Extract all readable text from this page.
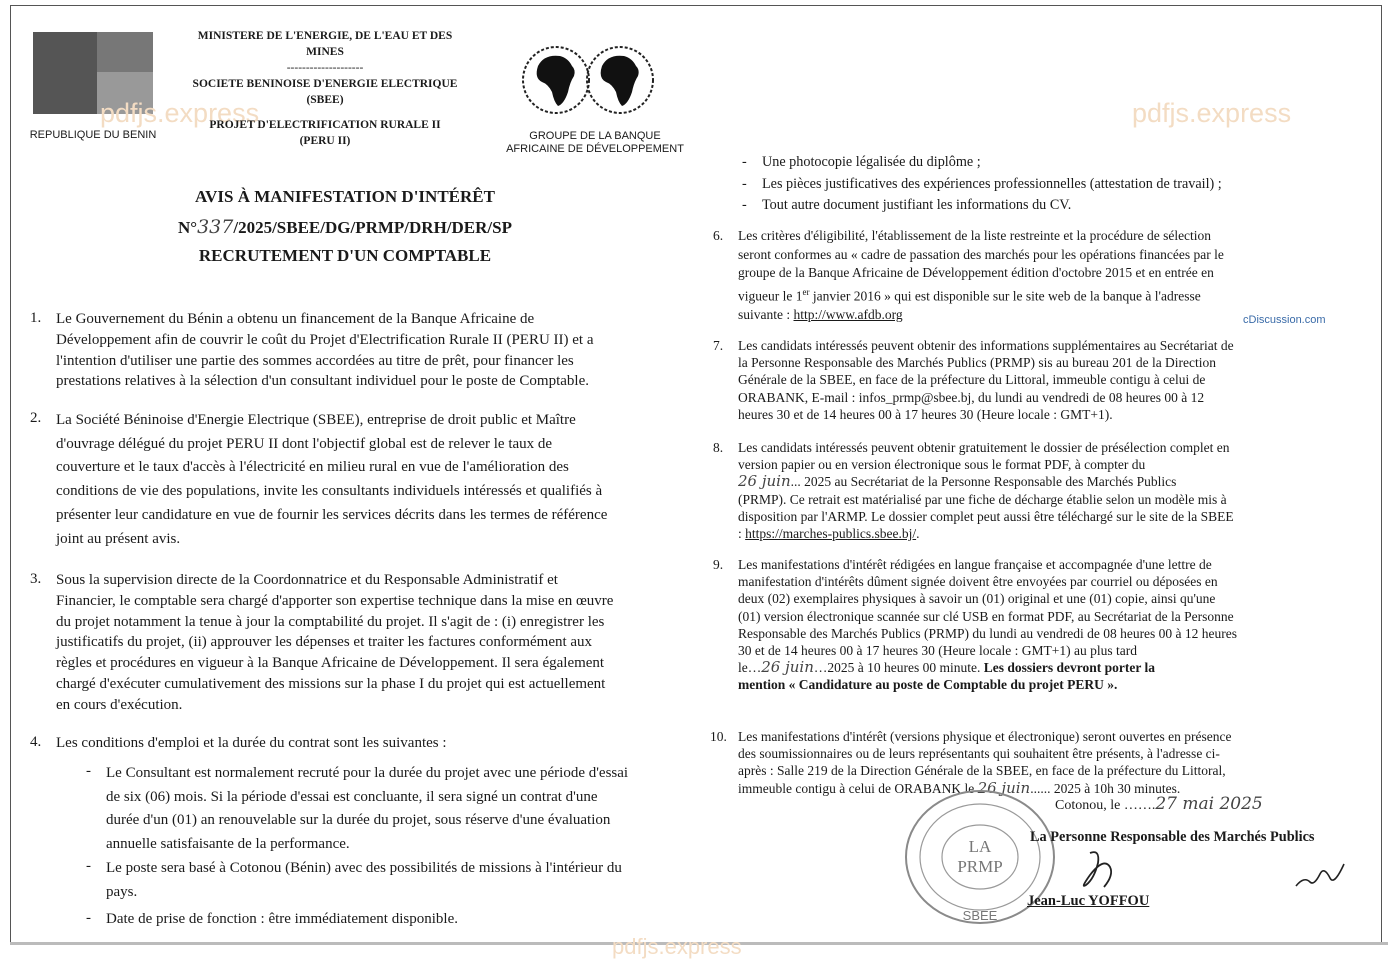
REPUBLIQUE DU BENIN
pdfjs.express	pdfjs.express
pdfjs.express
MINISTERE DE L'ENERGIE, DE L'EAU ET DES
MINES
--------------------
SOCIETE BENINOISE D'ENERGIE ELECTRIQUE
(SBEE)
PROJET D'ELECTRIFICATION RURALE II
(PERU II)	GROUPE DE LA BANQUE
AFRICAINE DE DÉVELOPPEMENT
AVIS À MANIFESTATION D'INTÉRÊT
N°337/2025/SBEE/DG/PRMP/DRH/DER/SP
RECRUTEMENT D'UN COMPTABLE
1. Le Gouvernement du Bénin a obtenu un financement de la Banque Africaine de
Développement afin de couvrir le coût du Projet d'Electrification Rurale II (PERU II) et a
l'intention d'utiliser une partie des sommes accordées au titre de prêt, pour financer les
prestations relatives à la sélection d'un consultant individuel pour le poste de Comptable.
2. La Société Béninoise d'Energie Electrique (SBEE), entreprise de droit public et Maître
d'ouvrage délégué du projet PERU II dont l'objectif global est de relever le taux de
couverture et le taux d'accès à l'électricité en milieu rural en vue de l'amélioration des
conditions de vie des populations, invite les consultants individuels intéressés et qualifiés à
présenter leur candidature en vue de fournir les services décrits dans les termes de référence
joint au présent avis.
3. Sous la supervision directe de la Coordonnatrice et du Responsable Administratif et
Financier, le comptable sera chargé d'apporter son expertise technique dans la mise en œuvre
du projet notamment la tenue à jour la comptabilité du projet. Il s'agit de : (i) enregistrer les
justificatifs du projet, (ii) approuver les dépenses et traiter les factures conformément aux
règles et procédures en vigueur à la Banque Africaine de Développement. Il sera également
chargé d'exécuter cumulativement des missions sur la phase I du projet qui est actuellement
en cours d'exécution.
4. Les conditions d'emploi et la durée du contrat sont les suivantes :
- Le Consultant est normalement recruté pour la durée du projet avec une période d'essai
de six (06) mois. Si la période d'essai est concluante, il sera signé un contrat d'une
durée d'un (01) an renouvelable sur la durée du projet, sous réserve d'une évaluation
annuelle satisfaisante de la performance.
- Le poste sera basé à Cotonou (Bénin) avec des possibilités de missions à l'intérieur du
pays.
- Date de prise de fonction : être immédiatement disponible.
- Une photocopie légalisée du diplôme ;
- Les pièces justificatives des expériences professionnelles (attestation de travail) ;
- Tout autre document justifiant les informations du CV.
6. Les critères d'éligibilité, l'établissement de la liste restreinte et la procédure de sélection
seront conformes au « cadre de passation des marchés pour les opérations financées par le
groupe de la Banque Africaine de Développement édition d'octobre 2015 et en entrée en
vigueur le 1er janvier 2016 » qui est disponible sur le site web de la banque à l'adresse
suivante : http://www.afdb.org	cDiscussion.com
7. Les candidats intéressés peuvent obtenir des informations supplémentaires au Secrétariat de
la Personne Responsable des Marchés Publics (PRMP) sis au bureau 201 de la Direction
Générale de la SBEE, en face de la préfecture du Littoral, immeuble contigu à celui de
ORABANK, E-mail : infos_prmp@sbee.bj, du lundi au vendredi de 08 heures 00 à 12
heures 30 et de 14 heures 00 à 17 heures 30 (Heure locale : GMT+1).
8. Les candidats intéressés peuvent obtenir gratuitement le dossier de présélection complet en
version papier ou en version électronique sous le format PDF, à compter du
26 juin... 2025 au Secrétariat de la Personne Responsable des Marchés Publics
(PRMP). Ce retrait est matérialisé par une fiche de décharge établie selon un modèle mis à
disposition par l'ARMP. Le dossier complet peut aussi être téléchargé sur le site de la SBEE
: https://marches-publics.sbee.bj/.
9. Les manifestations d'intérêt rédigées en langue française et accompagnée d'une lettre de
manifestation d'intérêts dûment signée doivent être envoyées par courriel ou déposées en
deux (02) exemplaires physiques à savoir un (01) original et une (01) copie, ainsi qu'une
(01) version électronique scannée sur clé USB en format PDF, au Secrétariat de la Personne
Responsable des Marchés Publics (PRMP) du lundi au vendredi de 08 heures 00 à 12 heures
30 et de 14 heures 00 à 17 heures 30 (Heure locale : GMT+1) au plus tard
le…26 juin…2025 à 10 heures 00 minute. Les dossiers devront porter la
mention « Candidature au poste de Comptable du projet PERU ».
10. Les manifestations d'intérêt (versions physique et électronique) seront ouvertes en présence
des soumissionnaires ou de leurs représentants qui souhaitent être présents, à l'adresse ci-
après : Salle 219 de la Direction Générale de la SBEE, en face de la préfecture du Littoral,
immeuble contigu à celui de ORABANK le 26 juin...... 2025 à 10h 30 minutes.
LA
PRMP
SBEE
Cotonou, le …….27 mai 2025
La Personne Responsable des Marchés Publics
Jean-Luc YOFFOU
